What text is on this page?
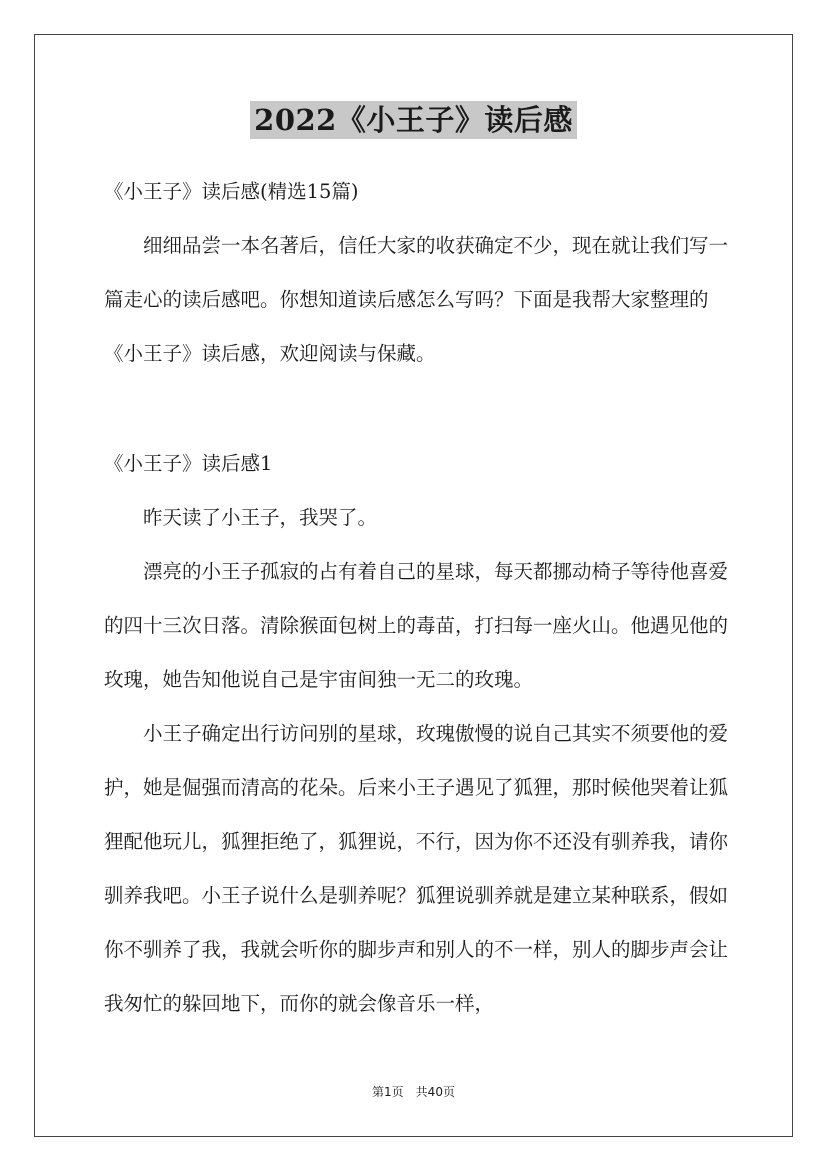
2022《小王子》读后感

《小王子》读后感(精选15篇)

细细品尝一本名著后，信任大家的收获确定不少，现在就让我们写一篇走心的读后感吧。你想知道读后感怎么写吗？下面是我帮大家整理的《小王子》读后感，欢迎阅读与保藏。

《小王子》读后感1

昨天读了小王子，我哭了。

漂亮的小王子孤寂的占有着自己的星球，每天都挪动椅子等待他喜爱的四十三次日落。清除猴面包树上的毒苗，打扫每一座火山。他遇见他的玫瑰，她告知他说自己是宇宙间独一无二的玫瑰。

小王子确定出行访问别的星球，玫瑰傲慢的说自己其实不须要他的爱护，她是倔强而清高的花朵。后来小王子遇见了狐狸，那时候他哭着让狐狸配他玩儿，狐狸拒绝了，狐狸说，不行，因为你不还没有驯养我，请你驯养我吧。小王子说什么是驯养呢？狐狸说驯养就是建立某种联系，假如你不驯养了我，我就会听你的脚步声和别人的不一样，别人的脚步声会让我匆忙的躲回地下，而你的就会像音乐一样，

第1页　共40页
